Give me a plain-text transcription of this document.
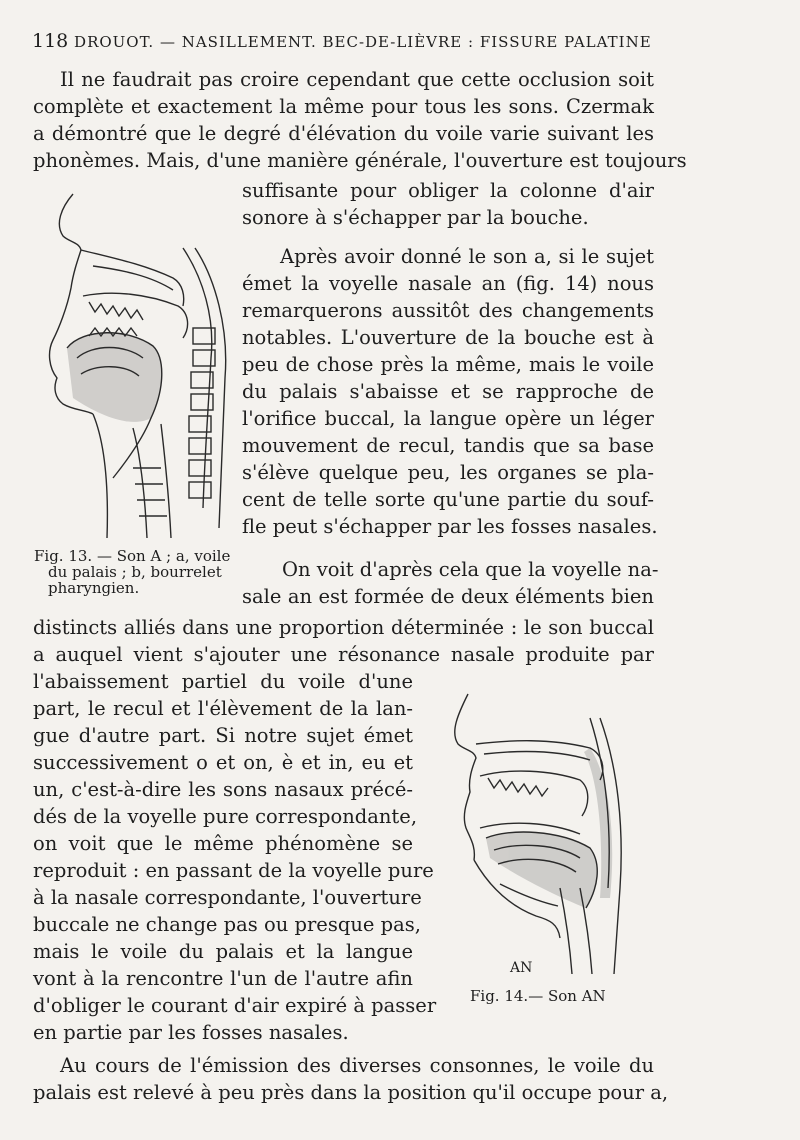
118 DROUOT. — NASILLEMENT. BEC-DE-LIÈVRE : FISSURE PALATINE
Il ne faudrait pas croire cependant que cette occlusion soit
complète et exactement la même pour tous les sons. Czermak
a démontré que le degré d'élévation du voile varie suivant les
phonèmes. Mais, d'une manière générale, l'ouverture est toujours
suffisante pour obliger la colonne d'air
sonore à s'échapper par la bouche.
Après avoir donné le son a, si le sujet
émet la voyelle nasale an (fig. 14) nous
remarquerons aussitôt des changements
notables. L'ouverture de la bouche est à
peu de chose près la même, mais le voile
du palais s'abaisse et se rapproche de
l'orifice buccal, la langue opère un léger
mouvement de recul, tandis que sa base
s'élève quelque peu, les organes se pla-
cent de telle sorte qu'une partie du souf-
fle peut s'échapper par les fosses nasales.
On voit d'après cela que la voyelle na-
sale an est formée de deux éléments bien
distincts alliés dans une proportion déterminée : le son buccal
a auquel vient s'ajouter une résonance nasale produite par
l'abaissement partiel du voile d'une
part, le recul et l'élèvement de la lan-
gue d'autre part. Si notre sujet émet
successivement o et on, è et in, eu et
un, c'est-à-dire les sons nasaux précé-
dés de la voyelle pure correspondante,
on voit que le même phénomène se
reproduit : en passant de la voyelle pure
à la nasale correspondante, l'ouverture
buccale ne change pas ou presque pas,
mais le voile du palais et la langue
vont à la rencontre l'un de l'autre afin
d'obliger le courant d'air expiré à passer
en partie par les fosses nasales.
Au cours de l'émission des diverses consonnes, le voile du
palais est relevé à peu près dans la position qu'il occupe pour a,
Fig. 13. — Son A ; a, voile
du palais ; b, bourrelet
pharyngien.
AN
Fig. 14.— Son AN
